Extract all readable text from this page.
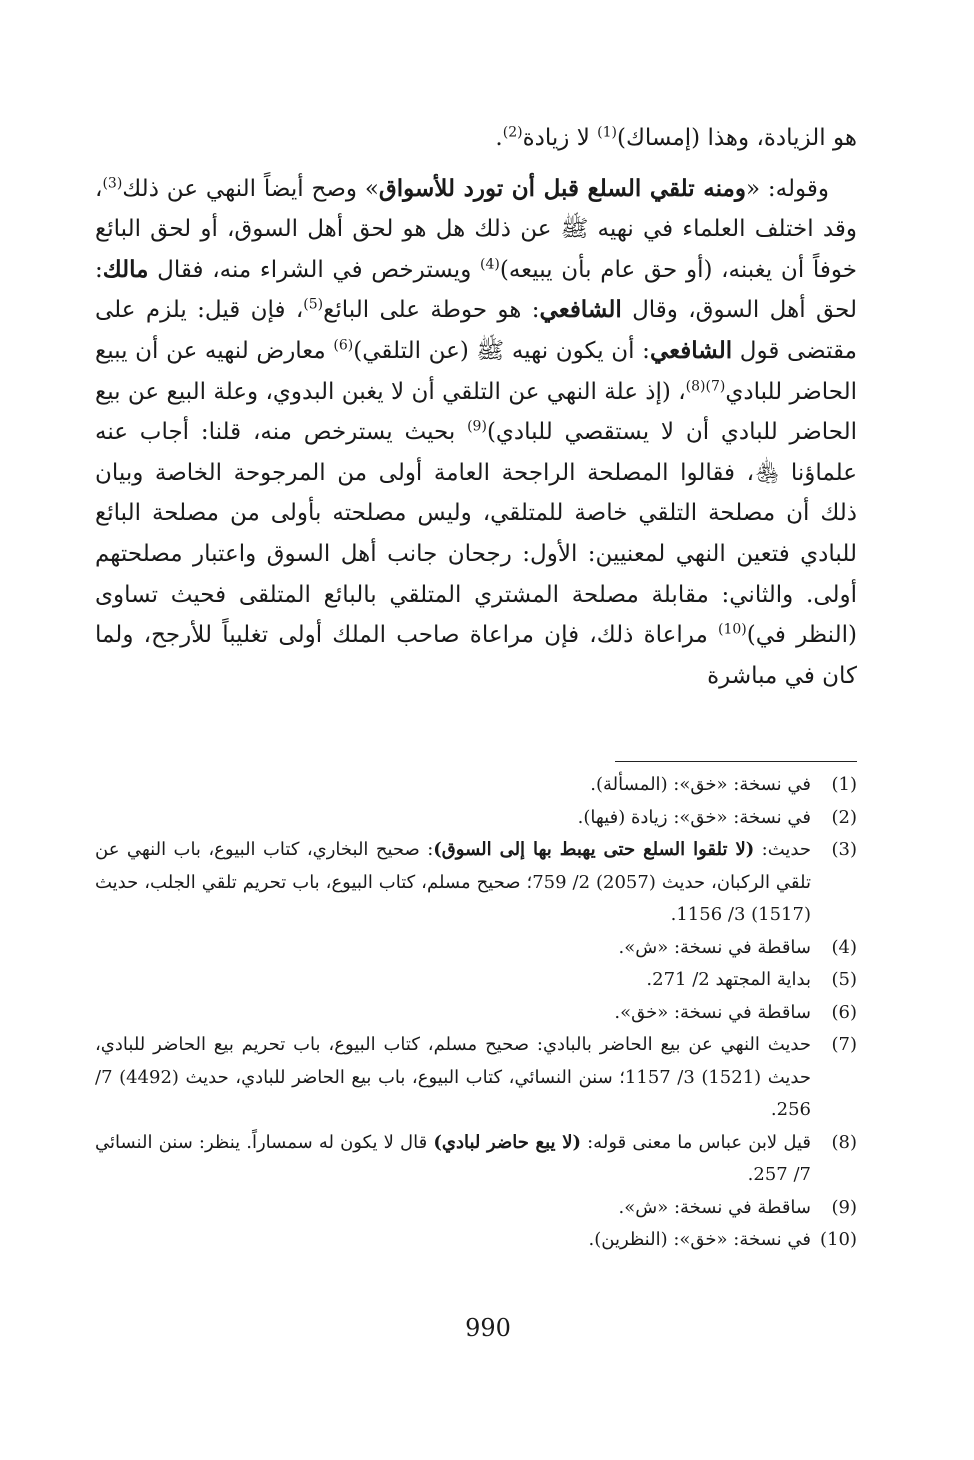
هو الزيادة، وهذا (إمساك)$^{(1)}$ لا زيادة$^{(2)}$.

وقوله: «ومنه تلقي السلع قبل أن تورد للأسواق» وصح أيضاً النهي عن ذلك$^{(3)}$، وقد اختلف العلماء في نهيه ﷺ عن ذلك هل هو لحق أهل السوق، أو لحق البائع خوفاً أن يغبنه، (أو حق عام بأن يبيعه)$^{(4)}$ ويسترخص في الشراء منه، فقال مالك: لحق أهل السوق، وقال الشافعي: هو حوطة على البائع$^{(5)}$، فإن قيل: يلزم على مقتضى قول الشافعي: أن يكون نهيه ﷺ (عن التلقي)$^{(6)}$ معارض لنهيه عن أن يبيع الحاضر للبادي$^{(7)(8)}$، (إذ علة النهي عن التلقي أن لا يغبن البدوي، وعلة البيع عن بيع الحاضر للبادي أن لا يستقصي للبادي)$^{(9)}$ بحيث يسترخص منه، قلنا: أجاب عنه علماؤنا ﵃، فقالوا المصلحة الراجحة العامة أولى من المرجوحة الخاصة وبيان ذلك أن مصلحة التلقي خاصة للمتلقي، وليس مصلحته بأولى من مصلحة البائع للبادي فتعين النهي لمعنيين: الأول: رجحان جانب أهل السوق واعتبار مصلحتهم أولى. والثاني: مقابلة مصلحة المشتري المتلقي بالبائع المتلقى فحيث تساوى (النظر في)$^{(10)}$ مراعاة ذلك، فإن مراعاة صاحب الملك أولى تغليباً للأرجح، ولما كان في مباشرة

(1)
في نسخة: «خق»: (المسألة).
(2)
في نسخة: «خق»: زيادة (فيها).
(3)
حديث: (لا تلقوا السلع حتى يهبط بها إلى السوق): صحيح البخاري، كتاب البيوع، باب النهي عن تلقي الركبان، حديث (2057) 2/ 759؛ صحيح مسلم، كتاب البيوع، باب تحريم تلقي الجلب، حديث (1517) 3/ 1156.
(4)
ساقطة في نسخة: «ش».
(5)
بداية المجتهد 2/ 271.
(6)
ساقطة في نسخة: «خق».
(7)
حديث النهي عن بيع الحاضر بالبادي: صحيح مسلم، كتاب البيوع، باب تحريم بيع الحاضر للبادي، حديث (1521) 3/ 1157؛ سنن النسائي، كتاب البيوع، باب بيع الحاضر للبادي، حديث (4492) 7/ 256.
(8)
قيل لابن عباس ما معنى قوله: (لا يبع حاضر لبادي) قال لا يكون له سمساراً. ينظر: سنن النسائي 7/ 257.
(9)
ساقطة في نسخة: «ش».
(10)
في نسخة: «خق»: (النظرين).
990
